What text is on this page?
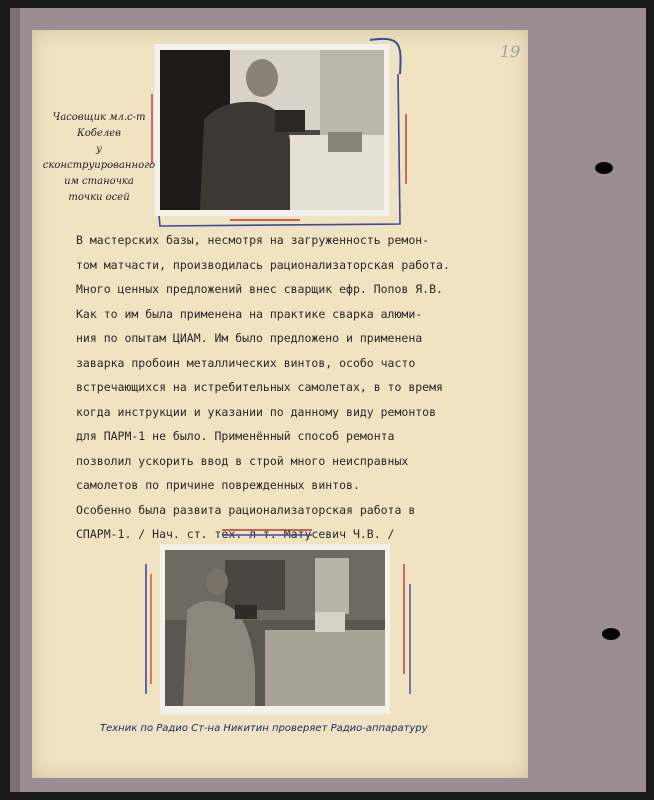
19
Часовщик мл.с-т
Кобелев
у сконструированного
им станочка
точки осей

В мастерских базы, несмотря на загруженность ремон-

том матчасти, производилась рационализаторская работа.

Много ценных предложений внес сварщик ефр. Попов Я.В.

Как то им была применена на практике сварка алюми-

ния по опытам ЦИАМ. Им было предложено и применена

заварка пробоин металлических винтов, особо часто

встречающихся на истребительных самолетах, в то время

когда инструкции и указании по данному виду ремонтов

для ПАРМ-1 не было. Применённый способ ремонта

позволил ускорить ввод в строй много неисправных

самолетов по причине поврежденных винтов.

Особенно была развита рационализаторская работа в

СПАРМ-1. / Нач. ст. тех. л-т. Матусевич Ч.В. /

Техник по Радио Ст-на Никитин проверяет Радио-аппаратуру
